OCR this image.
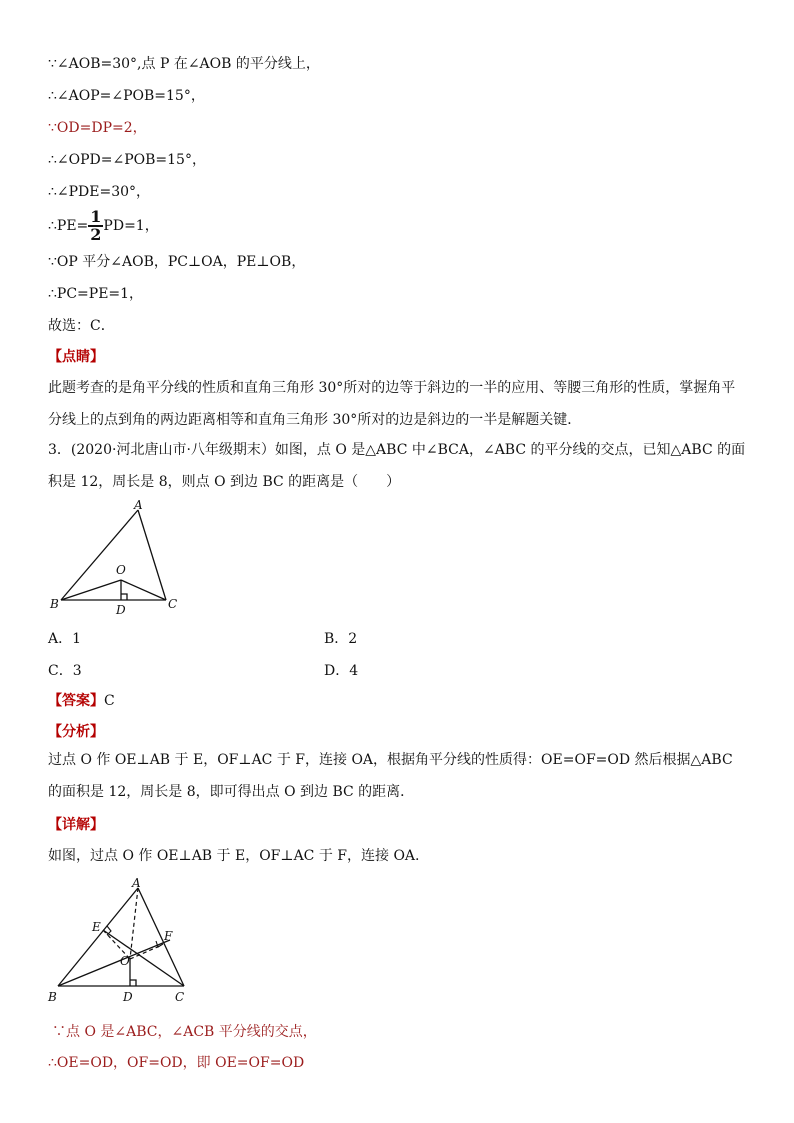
∵∠AOB=30°,点 P 在∠AOB 的平分线上，
∴∠AOP=∠POB=15°，
∵OD=DP=2，
∴∠OPD=∠POB=15°，
∴∠PDE=30°，
∴PE= $\frac{1}{2} PD=1$，
∵OP 平分∠AOB，PC⊥OA，PE⊥OB，
∴PC=PE=1，
故选：C．
【点睛】
此题考查的是角平分线的性质和直角三角形 30°所对的边等于斜边的一半的应用、等腰三角形的性质，掌握角平分线上的点到角的两边距离相等和直角三角形 30°所对的边是斜边的一半是解题关键．
3．(2020·河北唐山市·八年级期末）如图，点 O 是△ABC 中∠BCA，∠ABC 的平分线的交点，已知△ABC 的面积是 12，周长是 8，则点 O 到边 BC 的距离是（　　）
A
B	C
O
D
A．1	B．2
C．3	D．4
【答案】C
【分析】
过点 O 作 OE⊥AB 于 E，OF⊥AC 于 F，连接 OA，根据角平分线的性质得：OE=OF=OD 然后根据△ABC 的面积是 12，周长是 8，即可得出点 O 到边 BC 的距离．
【详解】
如图，过点 O 作 OE⊥AB 于 E，OF⊥AC 于 F，连接 OA.
A
B	C
O
D
E
F
∵点 O 是∠ABC，∠ACB 平分线的交点，
∴OE=OD，OF=OD，即 OE=OF=OD
